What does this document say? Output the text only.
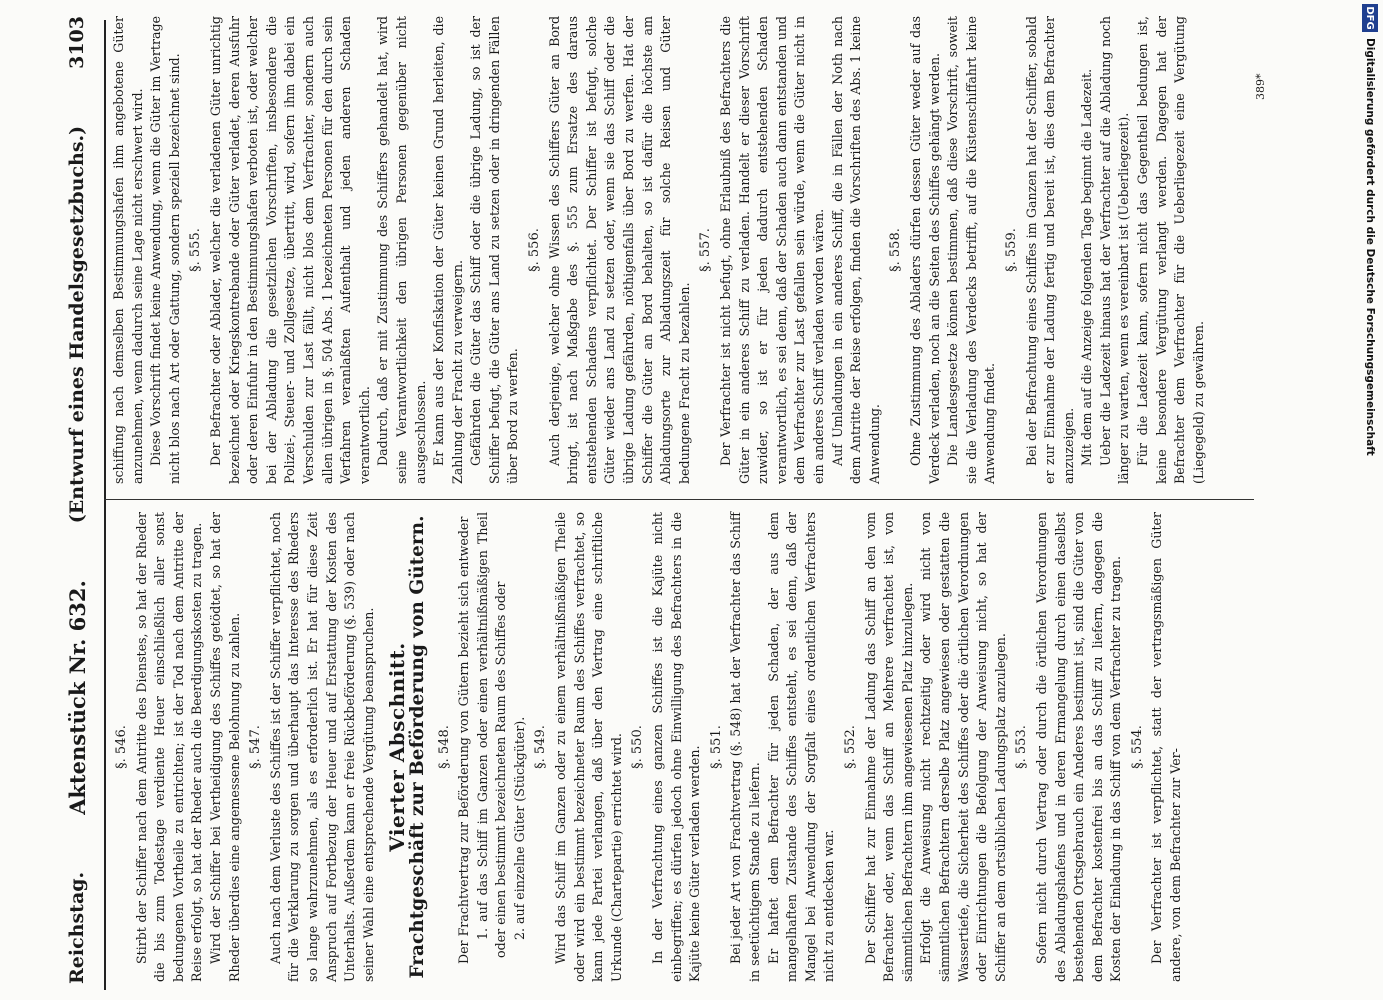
Reichstag.
Aktenstück Nr. 632.
(Entwurf eines Handelsgesetzbuchs.)
3103
§. 546. Stirbt der Schiffer nach dem Antritte des Dienstes, so hat der Rheder die bis zum Todestage verdiente Heuer einschließlich aller sonst bedungenen Vortheile zu entrichten; ist der Tod nach dem Antritte der Reise erfolgt, so hat der Rheder auch die Beerdigungskosten zu tragen. Wird der Schiffer bei Vertheidigung des Schiffes getödtet, so hat der Rheder überdies eine angemessene Belohnung zu zahlen. §. 547. Auch nach dem Verluste des Schiffes ist der Schiffer verpflichtet, noch für die Verklarung zu sorgen und überhaupt das Interesse des Rheders so lange wahrzunehmen, als es erforderlich ist. Er hat für diese Zeit Anspruch auf Fortbezug der Heuer und auf Erstattung der Kosten des Unterhalts. Außerdem kann er freie Rückbeförderung (§. 539) oder nach seiner Wahl eine entsprechende Vergütung beanspruchen. Vierter Abschnitt.
Frachtgeschäft zur Beförderung von Gütern. §. 548. Der Frachtvertrag zur Beförderung von Gütern bezieht sich entweder 1. auf das Schiff im Ganzen oder einen verhältnißmäßigen Theil oder einen bestimmt bezeichneten Raum des Schiffes oder 2. auf einzelne Güter (Stückgüter). §. 549. Wird das Schiff im Ganzen oder zu einem verhältnißmäßigen Theile oder wird ein bestimmt bezeichneter Raum des Schiffes verfrachtet, so kann jede Partei verlangen, daß über den Vertrag eine schriftliche Urkunde (Chartepartie) errichtet wird. §. 550. In der Verfrachtung eines ganzen Schiffes ist die Kajüte nicht einbegriffen; es dürfen jedoch ohne Einwilligung des Befrachters in die Kajüte keine Güter verladen werden. §. 551. Bei jeder Art von Frachtvertrag (§. 548) hat der Verfrachter das Schiff in seetüchtigem Stande zu liefern. Er haftet dem Befrachter für jeden Schaden, der aus dem mangelhaften Zustande des Schiffes entsteht, es sei denn, daß der Mangel bei Anwendung der Sorgfalt eines ordentlichen Verfrachters nicht zu entdecken war.

§. 552. Der Schiffer hat zur Einnahme der Ladung das Schiff an den vom Befrachter oder, wenn das Schiff an Mehrere verfrachtet ist, von sämmtlichen Befrachtern ihm angewiesenen Platz hinzulegen. Erfolgt die Anweisung nicht rechtzeitig oder wird nicht von sämmtlichen Befrachtern derselbe Platz angewiesen oder gestatten die Wassertiefe, die Sicherheit des Schiffes oder die örtlichen Verordnungen oder Einrichtungen die Befolgung der Anweisung nicht, so hat der Schiffer an dem ortsüblichen Ladungsplatz anzulegen. §. 553. Sofern nicht durch Vertrag oder durch die örtlichen Verordnungen des Abladungshafens und in deren Ermangelung durch einen daselbst bestehenden Ortsgebrauch ein Anderes bestimmt ist, sind die Güter von dem Befrachter kostenfrei bis an das Schiff zu liefern, dagegen die Kosten der Einladung in das Schiff von dem Verfrachter zu tragen. §. 554. Der Verfrachter ist verpflichtet, statt der vertragsmäßigen Güter andere, von dem Befrachter zur Ver-

schiffung nach demselben Bestimmungshafen ihm angebotene Güter anzunehmen, wenn dadurch seine Lage nicht erschwert wird. Diese Vorschrift findet keine Anwendung, wenn die Güter im Vertrage nicht blos nach Art oder Gattung, sondern speziell bezeichnet sind. §. 555. Der Befrachter oder Ablader, welcher die verladenen Güter unrichtig bezeichnet oder Kriegskontrebande oder Güter verladet, deren Ausfuhr oder deren Einfuhr in den Bestimmungshafen verboten ist, oder welcher bei der Abladung die gesetzlichen Vorschriften, insbesondere die Polizei-, Steuer- und Zollgesetze, übertritt, wird, sofern ihm dabei ein Verschulden zur Last fällt, nicht blos dem Verfrachter, sondern auch allen übrigen in §. 504 Abs. 1 bezeichneten Personen für den durch sein Verfahren veranlaßten Aufenthalt und jeden anderen Schaden verantwortlich. Dadurch, daß er mit Zustimmung des Schiffers gehandelt hat, wird seine Verantwortlichkeit den übrigen Personen gegenüber nicht ausgeschlossen. Er kann aus der Konfiskation der Güter keinen Grund herleiten, die Zahlung der Fracht zu verweigern. Gefährden die Güter das Schiff oder die übrige Ladung, so ist der Schiffer befugt, die Güter ans Land zu setzen oder in dringenden Fällen über Bord zu werfen.

§. 556. Auch derjenige, welcher ohne Wissen des Schiffers Güter an Bord bringt, ist nach Maßgabe des §. 555 zum Ersatze des daraus entstehenden Schadens verpflichtet. Der Schiffer ist befugt, solche Güter wieder ans Land zu setzen oder, wenn sie das Schiff oder die übrige Ladung gefährden, nöthigenfalls über Bord zu werfen. Hat der Schiffer die Güter an Bord behalten, so ist dafür die höchste am Abladungsorte zur Abladungszeit für solche Reisen und Güter bedungene Fracht zu bezahlen.

§. 557. Der Verfrachter ist nicht befugt, ohne Erlaubniß des Befrachters die Güter in ein anderes Schiff zu verladen. Handelt er dieser Vorschrift zuwider, so ist er für jeden dadurch entstehenden Schaden verantwortlich, es sei denn, daß der Schaden auch dann entstanden und dem Verfrachter zur Last gefallen sein würde, wenn die Güter nicht in ein anderes Schiff verladen worden wären. Auf Umladungen in ein anderes Schiff, die in Fällen der Noth nach dem Antritte der Reise erfolgen, finden die Vorschriften des Abs. 1 keine Anwendung.

§. 558. Ohne Zustimmung des Abladers dürfen dessen Güter weder auf das Verdeck verladen, noch an die Seiten des Schiffes gehängt werden. Die Landesgesetze können bestimmen, daß diese Vorschrift, soweit sie die Verladung des Verdecks betrifft, auf die Küstenschiffahrt keine Anwendung findet.

§. 559. Bei der Befrachtung eines Schiffes im Ganzen hat der Schiffer, sobald er zur Einnahme der Ladung fertig und bereit ist, dies dem Befrachter anzuzeigen. Mit dem auf die Anzeige folgenden Tage beginnt die Ladezeit. Ueber die Ladezeit hinaus hat der Verfrachter auf die Abladung noch länger zu warten, wenn es vereinbart ist (Ueberliegezeit). Für die Ladezeit kann, sofern nicht das Gegentheil bedungen ist, keine besondere Vergütung verlangt werden. Dagegen hat der Befrachter dem Verfrachter für die Ueberliegezeit eine Vergütung (Liegegeld) zu gewähren.

389*
DFG
Digitalisierung gefördert durch die Deutsche Forschungsgemeinschaft
